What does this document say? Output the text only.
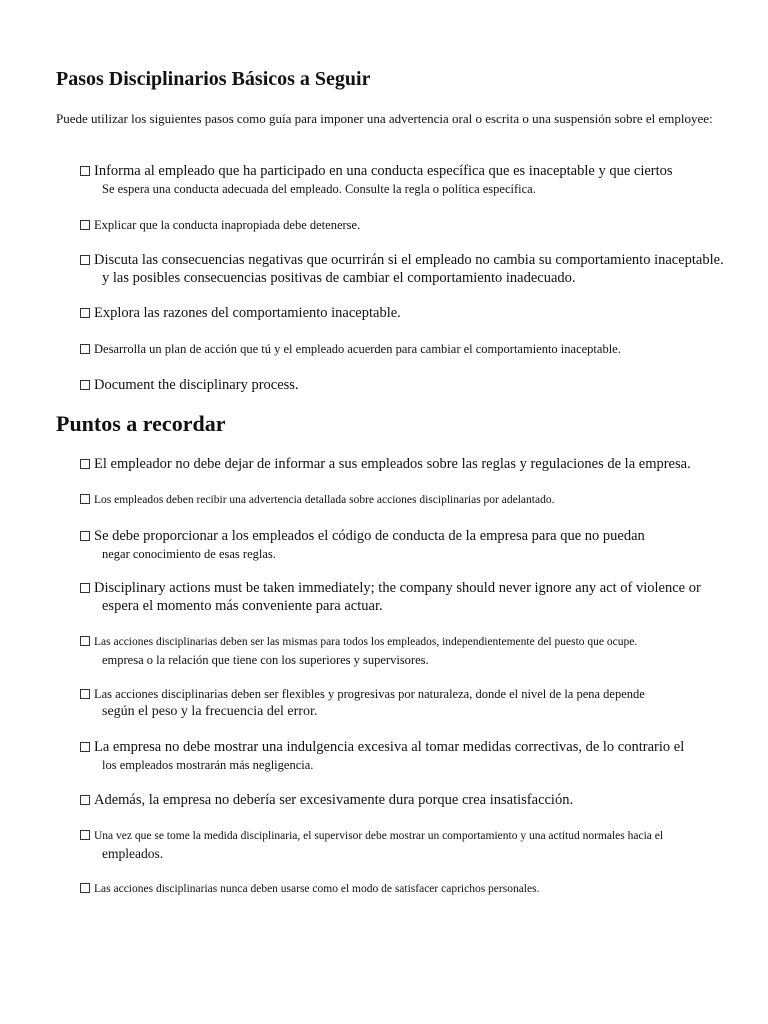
Pasos Disciplinarios Básicos a Seguir
Puede utilizar los siguientes pasos como guía para imponer una advertencia oral o escrita o una suspensión sobre el employee:
Informa al empleado que ha participado en una conducta específica que es inaceptable y que ciertos
Se espera una conducta adecuada del empleado. Consulte la regla o política específica.
Explicar que la conducta inapropiada debe detenerse.
Discuta las consecuencias negativas que ocurrirán si el empleado no cambia su comportamiento inaceptable.
y las posibles consecuencias positivas de cambiar el comportamiento inadecuado.
Explora las razones del comportamiento inaceptable.
Desarrolla un plan de acción que tú y el empleado acuerden para cambiar el comportamiento inaceptable.
Document the disciplinary process.
Puntos a recordar
El empleador no debe dejar de informar a sus empleados sobre las reglas y regulaciones de la empresa.
Los empleados deben recibir una advertencia detallada sobre acciones disciplinarias por adelantado.
Se debe proporcionar a los empleados el código de conducta de la empresa para que no puedan
negar conocimiento de esas reglas.
Disciplinary actions must be taken immediately; the company should never ignore any act of violence or
espera el momento más conveniente para actuar.
Las acciones disciplinarias deben ser las mismas para todos los empleados, independientemente del puesto que ocupe.
empresa o la relación que tiene con los superiores y supervisores.
Las acciones disciplinarias deben ser flexibles y progresivas por naturaleza, donde el nivel de la pena depende
según el peso y la frecuencia del error.
La empresa no debe mostrar una indulgencia excesiva al tomar medidas correctivas, de lo contrario el
los empleados mostrarán más negligencia.
Además, la empresa no debería ser excesivamente dura porque crea insatisfacción.
Una vez que se tome la medida disciplinaria, el supervisor debe mostrar un comportamiento y una actitud normales hacia el
empleados.
Las acciones disciplinarias nunca deben usarse como el modo de satisfacer caprichos personales.
